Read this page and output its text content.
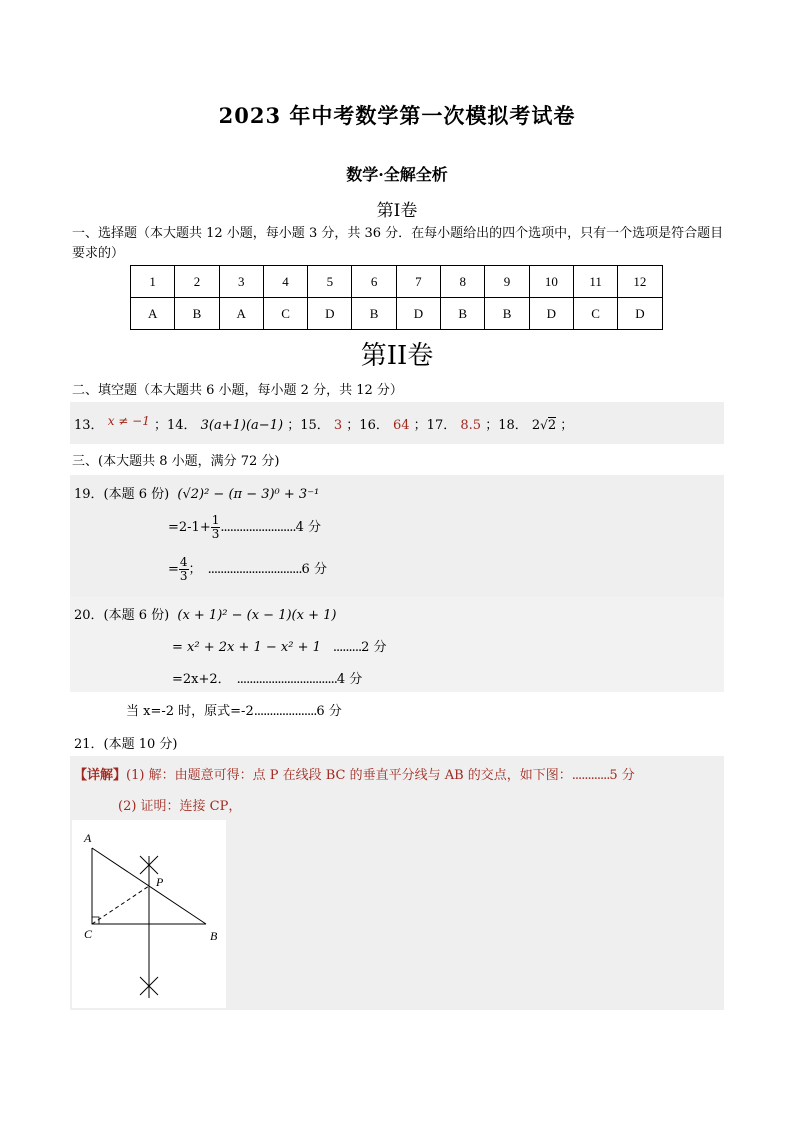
2023 年中考数学第一次模拟考试卷
数学·全解全析
第Ⅰ卷
一、选择题（本大题共 12 小题，每小题 3 分，共 36 分．在每小题给出的四个选项中，只有一个选项是符合题目要求的）
1	2	3	4	5	6	7	8	9	10	11	12
A	B	A	C	D	B	D	B	B	D	C	D
第II卷
二、填空题（本大题共 6 小题，每小题 2 分，共 12 分）
13． x ≠ −1 ；14． 3(a+1)(a−1) ；15． 3 ；16． 64 ；17． 8.5 ；18． 2√2 ；
三、(本大题共 8 小题，满分 72 分)
19．(本题 6 份) (√2)² − (π − 3)⁰ + 3⁻¹
$=2-1+ \frac{1}{3} ........................4$ 分
= $\frac{4}{3}$ ； ..............................6 分
20．(本题 6 份) (x + 1)² − (x − 1)(x + 1)
= x² + 2x + 1 − x² + 1 .........2 分
=2x+2． ................................4 分
当 x=-2 时，原式=-2....................6 分
21．(本题 10 分)
【详解】(1) 解：由题意可得：点 P 在线段 BC 的垂直平分线与 AB 的交点，如下图：............5 分
(2) 证明：连接 CP，
A
B
C
P
